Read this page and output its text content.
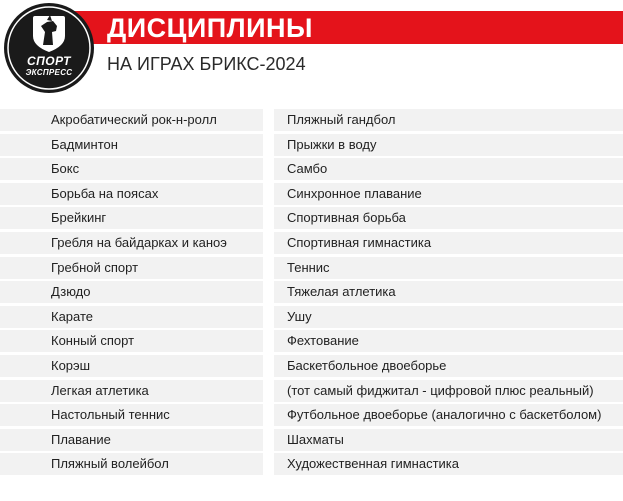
ДИСЦИПЛИНЫ
НА ИГРАХ БРИКС-2024
СПОРТ
ЭКСПРЕСС
Акробатический рок-н-ролл
Бадминтон
Бокс
Борьба на поясах
Брейкинг
Гребля на байдарках и каноэ
Гребной спорт
Дзюдо
Карате
Конный спорт
Корэш
Легкая атлетика
Настольный теннис
Плавание
Пляжный волейбол
Пляжный гандбол
Прыжки в воду
Самбо
Синхронное плавание
Спортивная борьба
Спортивная гимнастика
Теннис
Тяжелая атлетика
Ушу
Фехтование
Баскетбольное двоеборье
(тот самый фиджитал - цифровой плюс реальный)
Футбольное двоеборье (аналогично с баскетболом)
Шахматы
Художественная гимнастика
